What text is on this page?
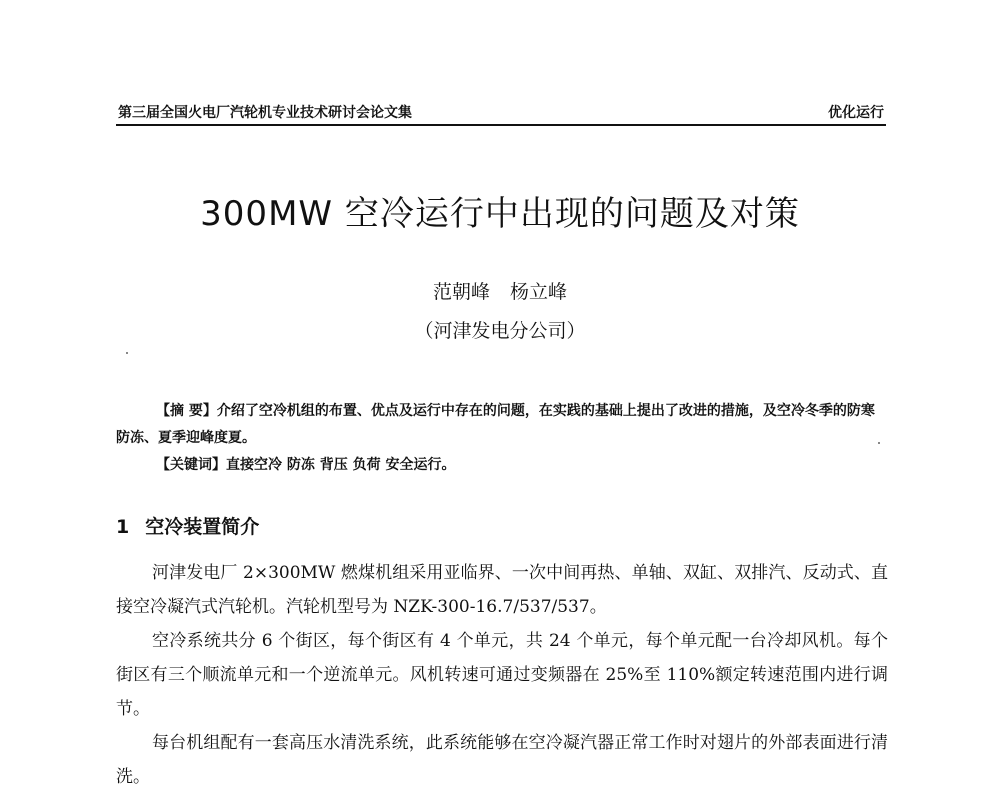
第三届全国火电厂汽轮机专业技术研讨会论文集	优化运行
300MW 空冷运行中出现的问题及对策
范朝峰 杨立峰
（河津发电分公司）

【摘 要】介绍了空冷机组的布置、优点及运行中存在的问题，在实践的基础上提出了改进的措施，及空冷冬季的防寒防冻、夏季迎峰度夏。

【关键词】直接空冷 防冻 背压 负荷 安全运行。

1 空冷装置简介

河津发电厂 2×300MW 燃煤机组采用亚临界、一次中间再热、单轴、双缸、双排汽、反动式、直接空冷凝汽式汽轮机。汽轮机型号为 NZK-300-16.7/537/537。

空冷系统共分 6 个街区，每个街区有 4 个单元，共 24 个单元，每个单元配一台冷却风机。每个街区有三个顺流单元和一个逆流单元。风机转速可通过变频器在 25%至 110%额定转速范围内进行调节。

每台机组配有一套高压水清洗系统，此系统能够在空冷凝汽器正常工作时对翅片的外部表面进行清洗。
